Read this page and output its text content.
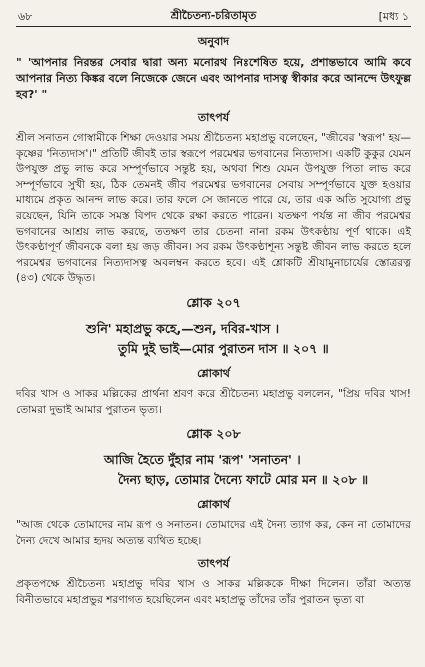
৬৮	শ্রীচৈতন্য-চরিতামৃত	[মধ্য ১
অনুবাদ

" 'আপনার নিরন্তর সেবার দ্বারা অন্য মনোরথ নিঃশেষিত হয়ে, প্রশান্তভাবে আমি কবে আপনার নিত্য কিঙ্কর বলে নিজেকে জেনে এবং আপনার দাসত্ব স্বীকার করে আনন্দে উৎফুল্ল হব?' "

তাৎপর্য

শ্রীল সনাতন গোস্বামীকে শিক্ষা দেওয়ার সময় শ্রীচৈতন্য মহাপ্রভু বলেছেন, "জীবের 'স্বরূপ' হয়—কৃষ্ণের 'নিত্যদাস'।" প্রতিটি জীবই তার স্বরূপে পরমেশ্বর ভগবানের নিত্যদাস। একটি কুকুর যেমন উপযুক্ত প্রভু লাভ করে সম্পূর্ণভাবে সন্তুষ্ট হয়, অথবা শিশু যেমন উপযুক্ত পিতা লাভ করে সম্পূর্ণভাবে সুখী হয়, ঠিক তেমনই জীব পরমেশ্বর ভগবানের সেবায় সম্পূর্ণভাবে যুক্ত হওয়ার মাধ্যমে প্রকৃত আনন্দ লাভ করে। তার ফলে সে জানতে পারে যে, তার এক অতি সুযোগ্য প্রভু রয়েছেন, যিনি তাকে সমস্ত বিপদ থেকে রক্ষা করতে পারেন। যতক্ষণ পর্যন্ত না জীব পরমেশ্বর ভগবানের আশ্রয় লাভ করছে, ততক্ষণ তার চেতনা নানা রকম উৎকণ্ঠায় পূর্ণ থাকে। এই উৎকণ্ঠাপূর্ণ জীবনকে বলা হয় জড় জীবন। সব রকম উৎকণ্ঠাশূন্য সন্তুষ্ট জীবন লাভ করতে হলে পরমেশ্বর ভগবানের নিত্যদাসত্ব অবলম্বন করতে হবে। এই শ্লোকটি শ্রীযামুনাচার্যের স্তোত্ররত্ন (৪৩) থেকে উদ্ধৃত।

শ্লোক ২০৭

শুনি' মহাপ্রভু কহে,—শুন, দবির-খাস ।

তুমি দুই ভাই—মোর পুরাতন দাস ॥ ২০৭ ॥

শ্লোকার্থ

দবির খাস ও সাকর মল্লিকের প্রার্থনা শ্রবণ করে শ্রীচৈতন্য মহাপ্রভু বললেন, "প্রিয় দবির খাস! তোমরা দুভাই আমার পুরাতন ভৃত্য।

শ্লোক ২০৮

আজি হৈতে দুঁহার নাম 'রূপ' 'সনাতন' ।

দৈন্য ছাড়, তোমার দৈন্যে ফাটে মোর মন ॥ ২০৮ ॥

শ্লোকার্থ

"আজ থেকে তোমাদের নাম রূপ ও সনাতন। তোমাদের এই দৈন্য ত্যাগ কর, কেন না তোমাদের দৈন্য দেখে আমার হৃদয় অত্যন্ত ব্যথিত হচ্ছে।

তাৎপর্য

প্রকৃতপক্ষে শ্রীচৈতন্য মহাপ্রভু দবির খাস ও সাকর মল্লিককে দীক্ষা দিলেন। তাঁরা অত্যন্ত বিনীতভাবে মহাপ্রভুর শরণাগত হয়েছিলেন এবং মহাপ্রভু তাঁদের তাঁর পুরাতন ভৃত্য বা
